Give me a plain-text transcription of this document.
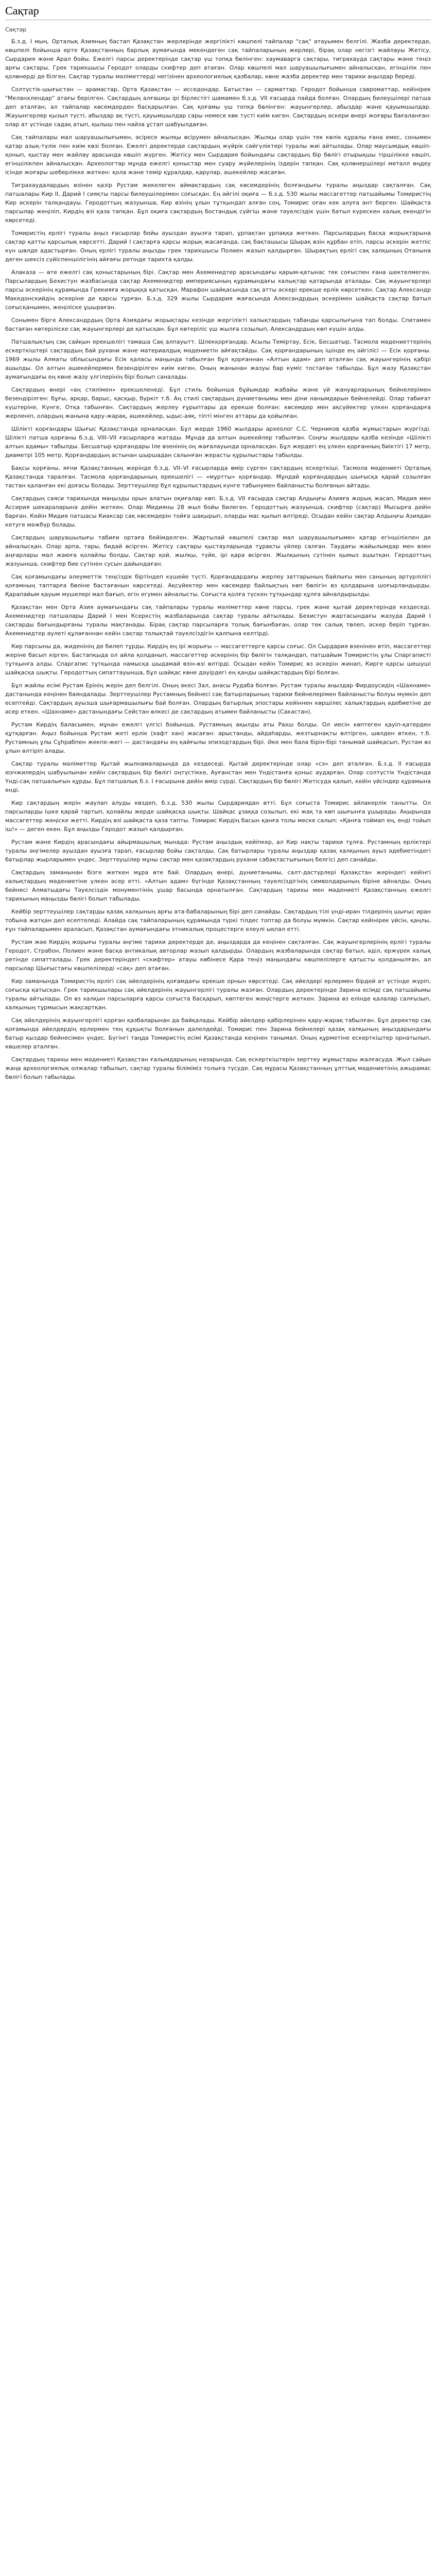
Сақтар
Сақтар

Б.з.д. I мың. Орталық Азияның бастап Қазақстан жерлерінде жергілікті көшпелі тайпалар "сақ" атауымен белгілі. Жазба деректерде, көшпелі бойынша ерте Қазақстанның барлық аумағында мекендеген сақ тайпаларының жерлері, бірақ олар негізгі жайлауы Жетісу, Сырдария және Арал бойы. Ежелгі парсы деректерінде сақтар үш топқа бөлінген: хаумаварга сақтары, тиграхауда сақтары және теңіз арғы сақтары. Грек тарихшысы Геродот оларды скифтер деп атаған. Олар көшпелі мал шаруашылығымен айналысқан, егіншілік пен қолөнерді де білген. Сақтар туралы мәліметтерді негізінен археологиялық қазбалар, көне жазба деректер мен тарихи аңыздар береді.

Солтүстік-шығыстан — арамастар, Орта Қазақстан — исседондар. Батыстан — сарматтар. Геродот бойынша савроматтар, кейінірек "Меланхлендар" атағы берілген. Сақтардың алғашқы ірі бірлестігі шамамен б.з.д. VII ғасырда пайда болған. Олардың билеушілері патша деп аталған, ал тайпалар көсемдерден басқарылған. Сақ қоғамы үш топқа бөлінген: жауынгерлер, абыздар және қауымшылдар. Жауынгерлер қызыл түсті, абыздар ақ түсті, қауымшылдар сары немесе көк түсті киім киген. Сақтардың әскери өнері жоғары бағаланған: олар ат үстінде садақ атып, қылыш пен найза ұстап шабуылдаған.

Сақ тайпалары мал шаруашылығымен, әсіресе жылқы өсірумен айналысқан. Жылқы олар үшін тек көлік құралы ғана емес, сонымен қатар азық-түлік пен киім көзі болған. Ежелгі деректерде сақтардың жүйрік сәйгүліктері туралы жиі айтылады. Олар маусымдық көшіп-қонып, қыстау мен жайлау арасында көшіп жүрген. Жетісу мен Сырдария бойындағы сақтардың бір бөлігі отырықшы тіршілікке көшіп, егіншілікпен айналысқан. Археологтар мұнда ежелгі қоныстар мен суару жүйелерінің іздерін тапқан. Сақ қолөнершілері металл өңдеу ісінде жоғары шеберлікке жеткен: қола және темір құралдар, қарулар, әшекейлер жасаған.

Тиграхаудалардың өзінен қазір Рустам жекелеген аймақтардың сақ көсемдерінің болғандығы туралы аңыздар сақталған. Сақ патшалары Кир II, Дарий I сияқты парсы билеушілерімен соғысқан. Ең әйгілі оқиға — б.з.д. 530 жылы массагеттер патшайымы Томиристің Кир әскерін талқандауы. Геродоттың жазуынша, Кир өзінің ұлын тұтқындап алған соң, Томирис оған кек алуға ант берген. Шайқаста парсылар жеңіліп, Кирдің өзі қаза тапқан. Бұл оқиға сақтардың бостандық сүйгіш және тәуелсіздік үшін батыл күрескен халық екендігін көрсетеді.

Томиристің ерлігі туралы аңыз ғасырлар бойы ауыздан ауызға тарап, ұрпақтан ұрпаққа жеткен. Парсылардың басқа жорықтарына сақтар қатты қарсылық көрсетті. Дарий I сақтарға қарсы жорық жасағанда, сақ бақташысы Шырақ өзін құрбан етіп, парсы әскерін жетпіс күн шөлде адастырған. Оның ерлігі туралы аңызды грек тарихшысы Полиен жазып қалдырған. Шырақтың ерлігі сақ халқының Отанына деген шексіз сүйіспеншілігінің айғағы ретінде тарихта қалды.

Алаказа — өте ежелгі сақ қоныстарының бірі. Сақтар мен Ахеменидтер арасындағы қарым-қатынас тек соғыспен ғана шектелмеген. Парсылардың Бехистун жазбасында сақтар Ахеменидтер империясының құрамындағы халықтар қатарында аталады. Сақ жауынгерлері парсы әскерінің құрамында Грекияға жорыққа қатысқан. Марафон шайқасында сақ атты әскері ерекше ерлік көрсеткен. Сақтар Александр Македонскийдің әскеріне де қарсы тұрған. Б.з.д. 329 жылы Сырдария жағасында Александрдың әскерімен шайқаста сақтар батыл соғысқанымен, жеңіліске ұшыраған.

Сонымен бірге Александрдың Орта Азиядағы жорықтары кезінде жергілікті халықтардың табанды қарсылығына тап болды. Спитамен бастаған көтеріліске сақ жауынгерлері де қатысқан. Бұл көтеріліс үш жылға созылып, Александрдың көп күшін алды.

Патшалықтың сақ сайқын ерекшелігі тамаша Сақ алпауытт. Шлекқорғандар. Асылы Теміртау, Есік, Бесшатыр, Тасмола мәдениеттерінің ескерткіштері сақтардың бай рухани және материалдық мәдениетін айғақтайды. Сақ қорғандарының ішінде ең әйгілісі — Есік қорғаны. 1969 жылы Алматы облысындағы Есік қаласы маңында табылған бұл қорғаннан «Алтын адам» деп аталған сақ жауынгерінің қабірі ашылды. Ол алтын әшекейлермен безендірілген киім киген. Оның жанынан жазуы бар күміс тостаған табылды. Бұл жазу Қазақстан аумағындағы ең көне жазу үлгілерінің бірі болып саналады.

Сақтардың өнері «аң стилімен» ерекшеленеді. Бұл стиль бойынша бұйымдар жабайы және үй жануарларының бейнелерімен безендірілген: бұғы, арқар, барыс, қасқыр, бүркіт т.б. Аң стилі сақтардың дүниетанымы мен діни нанымдарын бейнелейді. Олар табиғат күштеріне, Күнге, Отқа табынған. Сақтардың жерлеу ғұрыптары да ерекше болған: көсемдер мен ақсүйектер үлкен қорғандарға жерленіп, олардың жанына қару-жарақ, әшекейлер, ыдыс-аяқ, тіпті мінген аттары да қойылған.

Шілікті қорғандары Шығыс Қазақстанда орналасқан. Бұл жерде 1960 жылдары археолог С.С. Черников қазба жұмыстарын жүргізді. Шілікті патша қорғаны б.з.д. VIII–VII ғасырларға жатады. Мұнда да алтын әшекейлер табылған. Соңғы жылдары қазба кезінде «Шілікті алтын адамы» табылды. Бесшатыр қорғандары Іле өзенінің оң жағалауында орналасқан. Бұл жердегі ең үлкен қорғанның биіктігі 17 метр, диаметрі 105 метр. Қорғандардың астынан шыршадан салынған жерасты құрылыстары табылды.

Бақсы қорғаны, яғни Қазақстанның жерінде б.з.д. VII–VI ғасырларда өмір сүрген сақтардың ескерткіші. Тасмола мәдениеті Орталық Қазақстанда таралған. Тасмола қорғандарының ерекшелігі — «мұртты» қорғандар. Мұндай қорғандардың шығысқа қарай созылған тастан қаланған екі доғасы болады. Зерттеушілер бұл құрылыстардың күнге табынумен байланысты болғанын айтады.

Сақтардың саяси тарихында маңызды орын алатын оқиғалар көп. Б.з.д. VII ғасырда сақтар Алдыңғы Азияға жорық жасап, Мидия мен Ассирия шекараларына дейін жеткен. Олар Мидияны 28 жыл бойы билеген. Геродоттың жазуынша, скифтер (сақтар) Мысырға дейін барған. Кейін Мидия патшасы Киаксар сақ көсемдерін тойға шақырып, оларды мас қылып өлтіреді. Осыдан кейін сақтар Алдыңғы Азиядан кетуге мәжбүр болады.

Сақтардың шаруашылығы табиғи ортаға бейімделген. Жартылай көшпелі сақтар мал шаруашылығымен қатар егіншілікпен де айналысқан. Олар арпа, тары, бидай өсірген. Жетісу сақтары қыстауларында тұрақты үйлер салған. Таудағы жайылымдар мен өзен аңғарлары мал жаюға қолайлы болды. Сақтар қой, жылқы, түйе, ірі қара өсірген. Жылқының сүтінен қымыз ашытқан. Геродоттың жазуынша, скифтер бие сүтінен сусын дайындаған.

Сақ қоғамындағы әлеуметтік теңсіздік біртіндеп күшейе түсті. Қорғандардағы жерлеу заттарының байлығы мен санының әртүрлілігі қоғамның таптарға бөліне бастағанын көрсетеді. Ақсүйектер мен көсемдер байлықтың көп бөлігін өз қолдарына шоғырландырды. Қарапайым қауым мүшелері мал бағып, егін егумен айналысты. Соғыста қолға түскен тұтқындар құлға айналдырылды.

Қазақстан мен Орта Азия аумағындағы сақ тайпалары туралы мәліметтер көне парсы, грек және қытай деректерінде кездеседі. Ахеменидтер патшалары Дарий I мен Ксеркстің жазбаларында сақтар туралы айтылады. Бехистун жартасындағы жазуда Дарий I сақтарды бағындырғаны туралы мақтанады. Бірақ сақтар парсыларға толық бағынбаған, олар тек салық төлеп, әскер беріп тұрған. Ахеменидтер әулеті құлағаннан кейін сақтар толықтай тәуелсіздігін қалпына келтірді.

Кир парсыны да, жиденінің де билеп тұрды. Кирдің ең ірі жорығы — массагеттерге қарсы соғыс. Ол Сырдария өзенінен өтіп, массагеттер жеріне басып кірген. Бастапқыда ол айла қолданып, массагеттер әскерінің бір бөлігін талқандап, патшайым Томиристің ұлы Спаргаписті тұтқынға алды. Спаргапис тұтқында намысқа шыдамай өзін-өзі өлтірді. Осыдан кейін Томирис өз әскерін жинап, Кирге қарсы шешуші шайқасқа шықты. Геродоттың сипаттауынша, бұл шайқас көне дәуірдегі ең қанды шайқастардың бірі болған.

Бұл жайлы есімі Рустам Ерінің жерін деп белгілі. Оның әкесі Зал, анасы Рудаба болған. Рустам туралы аңыздар Фирдоусидің «Шахнаме» дастанында кеңінен баяндалады. Зерттеушілер Рустамның бейнесі сақ батырларының тарихи бейнелерімен байланысты болуы мүмкін деп есептейді. Сақтардың ауызша шығармашылығы бай болған. Олардың батырлық эпостары кейіннен көршілес халықтардың әдебиетіне де әсер еткен. «Шахнаме» дастанындағы Сейстан өлкесі де сақтардың атымен байланысты (Сакастан).

Рустам Кирдің баласымен, мұнан ежелгі үлгісі бойынша, Рустамның ақылды аты Рахш болды. Ол иесін көптеген қауіп-қатерден құтқарған. Аңыз бойынша Рустам жеті ерлік (хафт хан) жасаған: арыстанды, айдаһарды, жезтырнақты өлтірген, шөлден өткен, т.б. Рустамның ұлы Сұһрабпен жекпе-жегі — дастандағы ең қайғылы эпизодтардың бірі. Әке мен бала бірін-бірі танымай шайқасып, Рустам өз ұлын өлтіріп алады.

Сақтар туралы мәліметтер Қытай жылнамаларында да кездеседі. Қытай деректерінде олар «сэ» деп аталған. Б.з.д. II ғасырда юэчжилердің шабуылынан кейін сақтардың бір бөлігі оңтүстікке, Ауғанстан мен Үндістанға қоныс аударған. Олар солтүстік Үндістанда Үнді-сақ патшалығын құрды. Бұл патшалық б.з. I ғасырына дейін өмір сүрді. Сақтардың бір бөлігі Жетісуда қалып, кейін үйсіндер құрамына енді.

Кир сақтардың жерін жаулап алуды көздеп, б.з.д. 530 жылы Сырдариядан өтті. Бұл соғыста Томирис айлакерлік танытты. Ол парсыларды ішке қарай тартып, қолайлы жерде шайқасқа шықты. Шайқас ұзаққа созылып, екі жақ та көп шығынға ұшырады. Ақырында массагеттер жеңіске жетті. Кирдің өзі шайқаста қаза тапты. Томирис Кирдің басын қанға толы меске салып: «Қанға тоймап ең, енді тойып іш!» — деген екен. Бұл аңызды Геродот жазып қалдырған.

Рустам және Кирдің арасындағы айырмашылық мынада: Рустам аңыздық кейіпкер, ал Кир нақты тарихи тұлға. Рустамның ерліктері туралы әңгімелер ауыздан ауызға тарап, ғасырлар бойы сақталды. Сақ батырлары туралы аңыздар қазақ халқының ауыз әдебиетіндегі батырлар жырларымен үндес. Зерттеушілер мұны сақтар мен қазақтардың рухани сабақтастығының белгісі деп санайды.

Сақтардың заманынан бізге жеткен мұра өте бай. Олардың өнері, дүниетанымы, салт-дәстүрлері Қазақстан жеріндегі кейінгі халықтардың мәдениетіне үлкен әсер етті. «Алтын адам» бүгінде Қазақстанның тәуелсіздігінің символдарының біріне айналды. Оның бейнесі Алматыдағы Тәуелсіздік монументінің ұшар басында орнатылған. Сақтардың тарихы мен мәдениеті Қазақстанның ежелгі тарихының маңызды бөлігі болып табылады.

Кейбір зерттеушілер сақтарды қазақ халқының арғы ата-бабаларының бірі деп санайды. Сақтардың тілі үнді-иран тілдерінің шығыс иран тобына жатқан деп есептеледі. Алайда сақ тайпаларының құрамында түркі тілдес топтар да болуы мүмкін. Сақтар кейінірек үйсін, қаңлы, ғұн тайпаларымен араласып, Қазақстан аумағындағы этникалық процестерге елеулі ықпал етті.

Рустам жәе Кирдің жорығы туралы әңгіме тарихи деректерде де, аңыздарда да кеңінен сақталған. Сақ жауынгерлерінің ерлігі туралы Геродот, Страбон, Полиен және басқа антикалық авторлар жазып қалдырды. Олардың жазбаларында сақтар батыл, әділ, ержүрек халық ретінде сипатталады. Грек деректеріндегі «скифтер» атауы көбінесе Қара теңіз маңындағы көшпелілерге қатысты қолданылған, ал парсылар Шығыстағы көшпелілерді «сақ» деп атаған.

Кир заманында Томиристің ерлігі сақ әйелдерінің қоғамдағы ерекше орнын көрсетеді. Сақ әйелдері ерлермен бірдей ат үстінде жүріп, соғысқа қатысқан. Грек тарихшылары сақ әйелдерінің жауынгерлігі туралы жазған. Олардың деректерінде Зарина есімді сақ патшайымы туралы айтылады. Ол өз халқын парсыларға қарсы соғыста басқарып, көптеген жеңістерге жеткен. Зарина өз елінде қалалар салғызып, халқының тұрмысын жақсартқан.

Сақ әйелдерінің жауынгерлігі қорған қазбаларынан да байқалады. Кейбір әйелдер қабірлерінен қару-жарақ табылған. Бұл деректер сақ қоғамында әйелдердің ерлермен тең құқықты болғанын дәлелдейді. Томирис пен Зарина бейнелері қазақ халқының аңыздарындағы батыр қыздар бейнесімен үндес. Бүгінгі таңда Томиристің есімі Қазақстанда кеңінен танымал. Оның құрметіне ескерткіштер орнатылып, көшелер аталған.

Сақтардың тарихы мен мәдениеті Қазақстан ғалымдарының назарында. Сақ ескерткіштерін зерттеу жұмыстары жалғасуда. Жыл сайын жаңа археологиялық олжалар табылып, сақтар туралы біліміміз толыға түсуде. Сақ мұрасы Қазақстанның ұлттық мәдениетінің ажырамас бөлігі болып табылады.
